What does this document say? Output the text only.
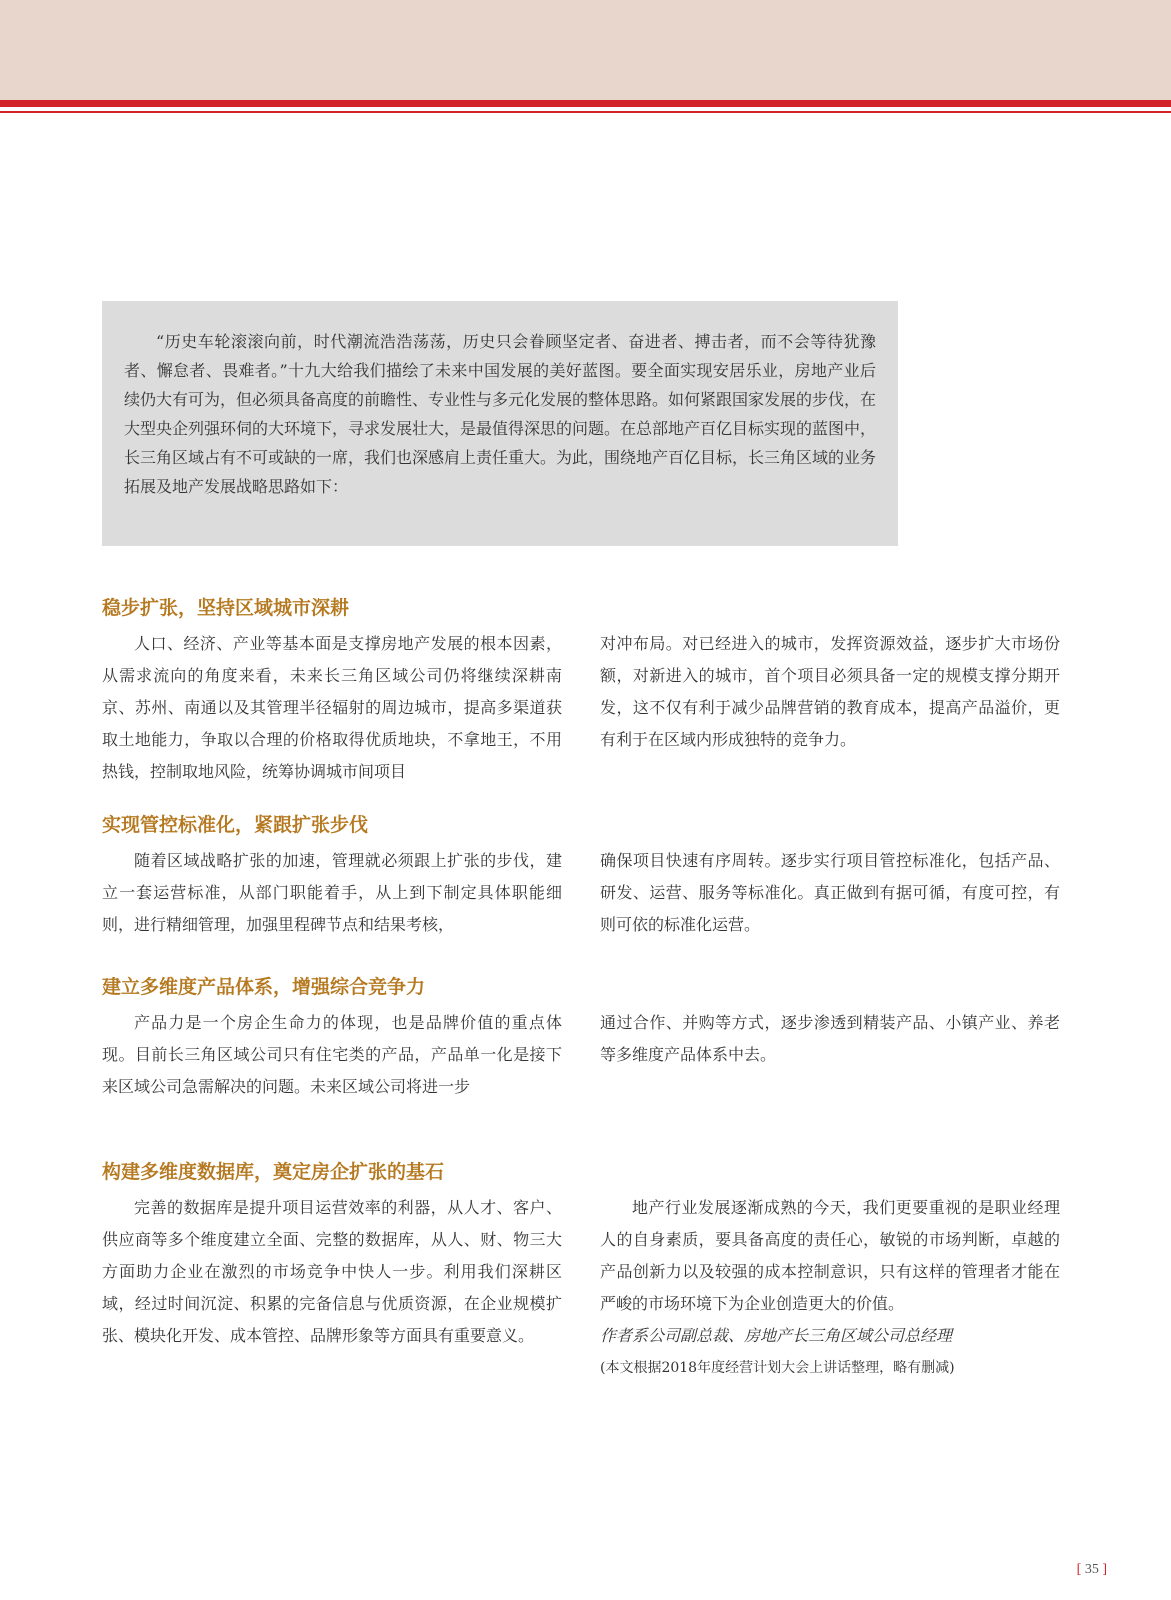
“历史车轮滚滚向前，时代潮流浩浩荡荡，历史只会眷顾坚定者、奋进者、搏击者，而不会等待犹豫者、懈怠者、畏难者。”十九大给我们描绘了未来中国发展的美好蓝图。要全面实现安居乐业，房地产业后续仍大有可为，但必须具备高度的前瞻性、专业性与多元化发展的整体思路。如何紧跟国家发展的步伐，在大型央企列强环伺的大环境下，寻求发展壮大，是最值得深思的问题。在总部地产百亿目标实现的蓝图中，长三角区域占有不可或缺的一席，我们也深感肩上责任重大。为此，围绕地产百亿目标，长三角区域的业务拓展及地产发展战略思路如下：

稳步扩张，坚持区域城市深耕

人口、经济、产业等基本面是支撑房地产发展的根本因素，从需求流向的角度来看，未来长三角区域公司仍将继续深耕南京、苏州、南通以及其管理半径辐射的周边城市，提高多渠道获取土地能力，争取以合理的价格取得优质地块，不拿地王，不用热钱，控制取地风险，统筹协调城市间项目

对冲布局。对已经进入的城市，发挥资源效益，逐步扩大市场份额，对新进入的城市，首个项目必须具备一定的规模支撑分期开发，这不仅有利于减少品牌营销的教育成本，提高产品溢价，更有利于在区域内形成独特的竞争力。

实现管控标准化，紧跟扩张步伐

随着区域战略扩张的加速，管理就必须跟上扩张的步伐，建立一套运营标准，从部门职能着手，从上到下制定具体职能细则，进行精细管理，加强里程碑节点和结果考核，

确保项目快速有序周转。逐步实行项目管控标准化，包括产品、研发、运营、服务等标准化。真正做到有据可循，有度可控，有则可依的标准化运营。

建立多维度产品体系，增强综合竞争力

产品力是一个房企生命力的体现，也是品牌价值的重点体现。目前长三角区域公司只有住宅类的产品，产品单一化是接下来区域公司急需解决的问题。未来区域公司将进一步

通过合作、并购等方式，逐步渗透到精装产品、小镇产业、养老等多维度产品体系中去。

构建多维度数据库，奠定房企扩张的基石

完善的数据库是提升项目运营效率的利器，从人才、客户、供应商等多个维度建立全面、完整的数据库，从人、财、物三大方面助力企业在激烈的市场竞争中快人一步。利用我们深耕区域，经过时间沉淀、积累的完备信息与优质资源，在企业规模扩张、模块化开发、成本管控、品牌形象等方面具有重要意义。

地产行业发展逐渐成熟的今天，我们更要重视的是职业经理人的自身素质，要具备高度的责任心，敏锐的市场判断，卓越的产品创新力以及较强的成本控制意识，只有这样的管理者才能在严峻的市场环境下为企业创造更大的价值。

作者系公司副总裁、房地产长三角区域公司总经理

(本文根据2018年度经营计划大会上讲话整理，略有删减)

[ 35 ]
